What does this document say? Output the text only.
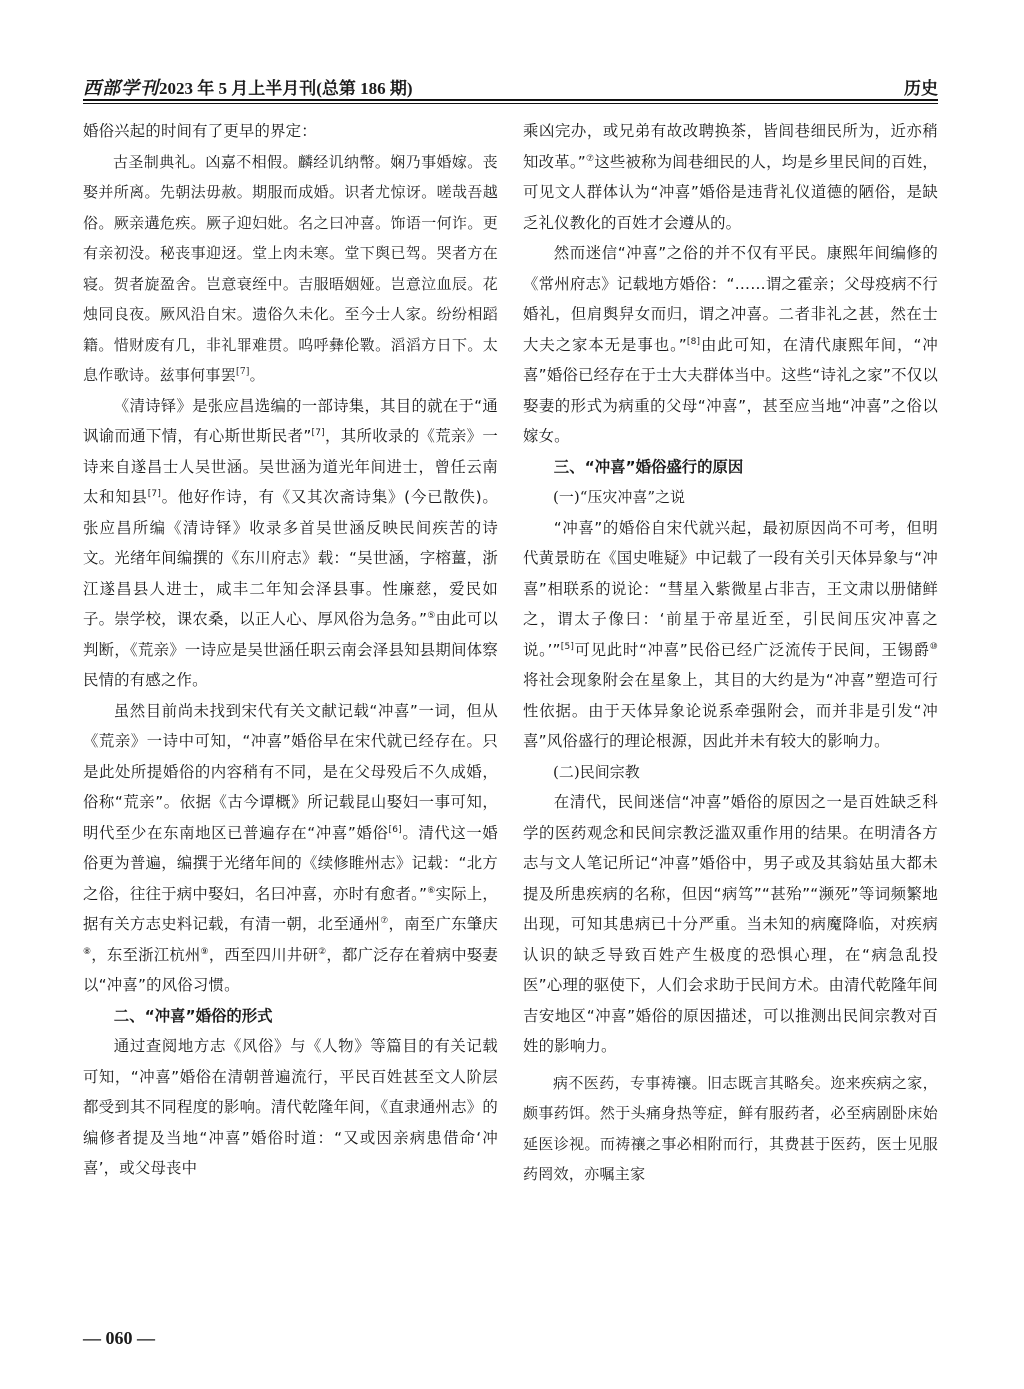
西部学刊2023 年 5 月上半月刊(总第 186 期)	历史

婚俗兴起的时间有了更早的界定：

古圣制典礼。凶嘉不相假。麟经讥纳幣。娴乃事婚嫁。丧娶并所离。先朝法毋赦。期服而成婚。识者尤惊讶。嗟哉吾越俗。厥亲遘危疾。厥子迎妇妣。名之曰冲喜。饰语一何诈。更有亲初没。秘丧事迎迓。堂上肉未寒。堂下舆已驾。哭者方在寝。贺者旋盈舍。岂意衰绖中。吉服晤姻娅。岂意泣血辰。花烛同良夜。厥风沿自宋。遗俗久未化。至今士人家。纷纷相蹈籍。惜财废有几，非礼罪难贯。呜呼彝伦斁。滔滔方日下。太息作歌诗。兹事何事罢[7]。

《清诗铎》是张应昌选编的一部诗集，其目的就在于“通讽谕而通下情，有心斯世斯民者”[7]，其所收录的《荒亲》一诗来自遂昌士人吴世涵。吴世涵为道光年间进士，曾任云南太和知县[7]。他好作诗，有《又其次斋诗集》(今已散佚)。张应昌所编《清诗铎》收录多首吴世涵反映民间疾苦的诗文。光绪年间编撰的《东川府志》载：“吴世涵，字榕薑，浙江遂昌县人进士，咸丰二年知会泽县事。性廉慈，爱民如子。崇学校，课农桑，以正人心、厚风俗为急务。”⑤由此可以判断，《荒亲》一诗应是吴世涵任职云南会泽县知县期间体察民情的有感之作。

虽然目前尚未找到宋代有关文献记载“冲喜”一词，但从《荒亲》一诗中可知，“冲喜”婚俗早在宋代就已经存在。只是此处所提婚俗的内容稍有不同，是在父母殁后不久成婚，俗称“荒亲”。依据《古今谭概》所记载昆山娶妇一事可知，明代至少在东南地区已普遍存在“冲喜”婚俗[6]。清代这一婚俗更为普遍，编撰于光绪年间的《续修睢州志》记载：“北方之俗，往往于病中娶妇，名曰冲喜，亦时有愈者。”⑥实际上，据有关方志史料记载，有清一朝，北至通州⑦，南至广东肇庆⑧，东至浙江杭州⑨，西至四川井研②，都广泛存在着病中娶妻以“冲喜”的风俗习惯。

二、“冲喜”婚俗的形式

通过查阅地方志《风俗》与《人物》等篇目的有关记载可知，“冲喜”婚俗在清朝普遍流行，平民百姓甚至文人阶层都受到其不同程度的影响。清代乾隆年间，《直隶通州志》的编修者提及当地“冲喜”婚俗时道：“又或因亲病患借命‘冲喜’，或父母丧中

乘凶完办，或兄弟有故改聘换茶，皆闾巷细民所为，近亦稍知改革。”⑦这些被称为闾巷细民的人，均是乡里民间的百姓，可见文人群体认为“冲喜”婚俗是违背礼仪道德的陋俗，是缺乏礼仪教化的百姓才会遵从的。

然而迷信“冲喜”之俗的并不仅有平民。康熙年间编修的《常州府志》记载地方婚俗：“……谓之霍亲；父母疫病不行婚礼，但肩舆舁女而归，谓之冲喜。二者非礼之甚，然在士大夫之家本无是事也。”[8]由此可知，在清代康熙年间，“冲喜”婚俗已经存在于士大夫群体当中。这些“诗礼之家”不仅以娶妻的形式为病重的父母“冲喜”，甚至应当地“冲喜”之俗以嫁女。

三、“冲喜”婚俗盛行的原因

(一)“压灾冲喜”之说

“冲喜”的婚俗自宋代就兴起，最初原因尚不可考，但明代黄景昉在《国史唯疑》中记载了一段有关引天体异象与“冲喜”相联系的说论：“彗星入紫微星占非吉，王文肃以册储鲜之，谓太子像曰：‘前星于帝星近至，引民间压灾冲喜之说。’”[5]可见此时“冲喜”民俗已经广泛流传于民间，王锡爵⑩将社会现象附会在星象上，其目的大约是为“冲喜”塑造可行性依据。由于天体异象论说系牵强附会，而并非是引发“冲喜”风俗盛行的理论根源，因此并未有较大的影响力。

(二)民间宗教

在清代，民间迷信“冲喜”婚俗的原因之一是百姓缺乏科学的医药观念和民间宗教泛滥双重作用的结果。在明清各方志与文人笔记所记“冲喜”婚俗中，男子或及其翁姑虽大都未提及所患疾病的名称，但因“病笃”“甚殆”“濒死”等词频繁地出现，可知其患病已十分严重。当未知的病魔降临，对疾病认识的缺乏导致百姓产生极度的恐惧心理，在“病急乱投医”心理的驱使下，人们会求助于民间方术。由清代乾隆年间吉安地区“冲喜”婚俗的原因描述，可以推测出民间宗教对百姓的影响力。

病不医药，专事祷禳。旧志既言其略矣。迩来疾病之家，颇事药饵。然于头痛身热等症，鲜有服药者，必至病剧卧床始延医诊视。而祷禳之事必相附而行，其费甚于医药，医士见服药罔效，亦嘱主家

— 060 —
